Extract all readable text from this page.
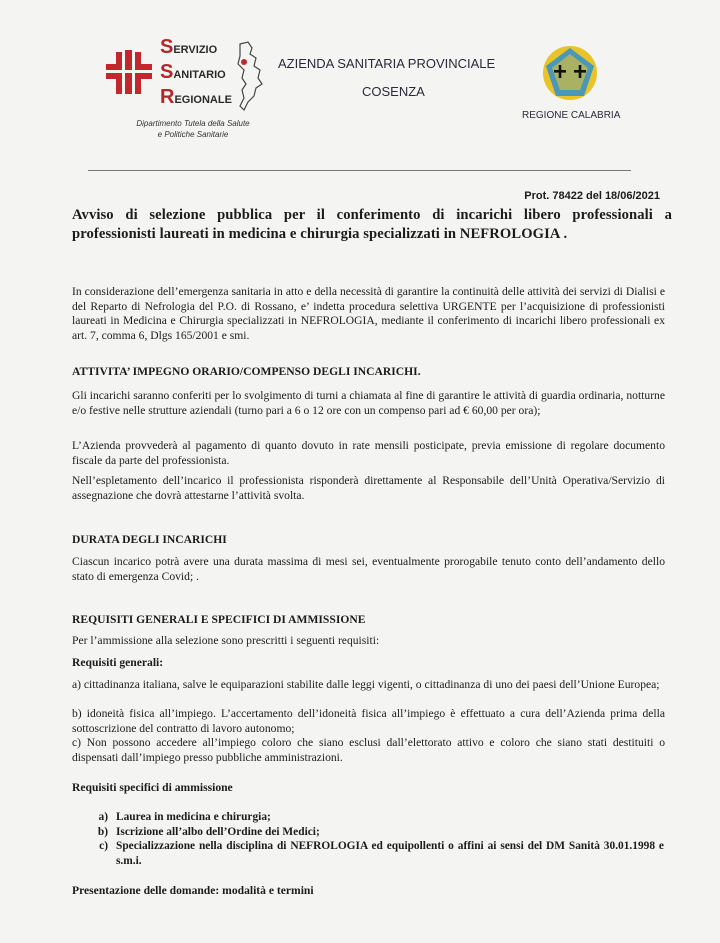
SERVIZIO
SANITARIO
REGIONALE
AZIENDA SANITARIA PROVINCIALE
COSENZA
Dipartimento Tutela della Salute
e Politiche Sanitarie
REGIONE CALABRIA
Prot. 78422 del 18/06/2021
Avviso di selezione pubblica per il conferimento di incarichi libero professionali a professionisti laureati in medicina e chirurgia specializzati in NEFROLOGIA .

In considerazione dell’emergenza sanitaria in atto e della necessità di garantire la continuità delle attività dei servizi di Dialisi e del Reparto di Nefrologia del P.O. di Rossano, e’ indetta procedura selettiva URGENTE per l’acquisizione di professionisti laureati in Medicina e Chirurgia specializzati in NEFROLOGIA, mediante il conferimento di incarichi libero professionali ex art. 7, comma 6, Dlgs 165/2001 e smi.

ATTIVITA’ IMPEGNO ORARIO/COMPENSO DEGLI INCARICHI.

Gli incarichi saranno conferiti per lo svolgimento di turni a chiamata al fine di garantire le attività di guardia ordinaria, notturne e/o festive nelle strutture aziendali (turno pari a 6 o 12 ore con un compenso pari ad € 60,00 per ora);

L’Azienda provvederà al pagamento di quanto dovuto in rate mensili posticipate, previa emissione di regolare documento fiscale da parte del professionista.

Nell’espletamento dell’incarico il professionista risponderà direttamente al Responsabile dell’Unità Operativa/Servizio di assegnazione che dovrà attestarne l’attività svolta.

DURATA DEGLI INCARICHI

Ciascun incarico potrà avere una durata massima di mesi sei, eventualmente prorogabile tenuto conto dell’andamento dello stato di emergenza Covid; .

REQUISITI GENERALI E SPECIFICI DI AMMISSIONE

Per l’ammissione alla selezione sono prescritti i seguenti requisiti:

Requisiti generali:

a) cittadinanza italiana, salve le equiparazioni stabilite dalle leggi vigenti, o cittadinanza di uno dei paesi dell’Unione Europea;

b) idoneità fisica all’impiego. L’accertamento dell’idoneità fisica all’impiego è effettuato a cura dell’Azienda prima della sottoscrizione del contratto di lavoro autonomo;

c) Non possono accedere all’impiego coloro che siano esclusi dall’elettorato attivo e coloro che siano stati destituiti o dispensati dall’impiego presso pubbliche amministrazioni.

Requisiti specifici di ammissione
a) Laurea in medicina e chirurgia;
b) Iscrizione all’albo dell’Ordine dei Medici;
c) Specializzazione nella disciplina di NEFROLOGIA ed equipollenti o affini ai sensi del DM Sanità 30.01.1998 e s.m.i.
Presentazione delle domande: modalità e termini
